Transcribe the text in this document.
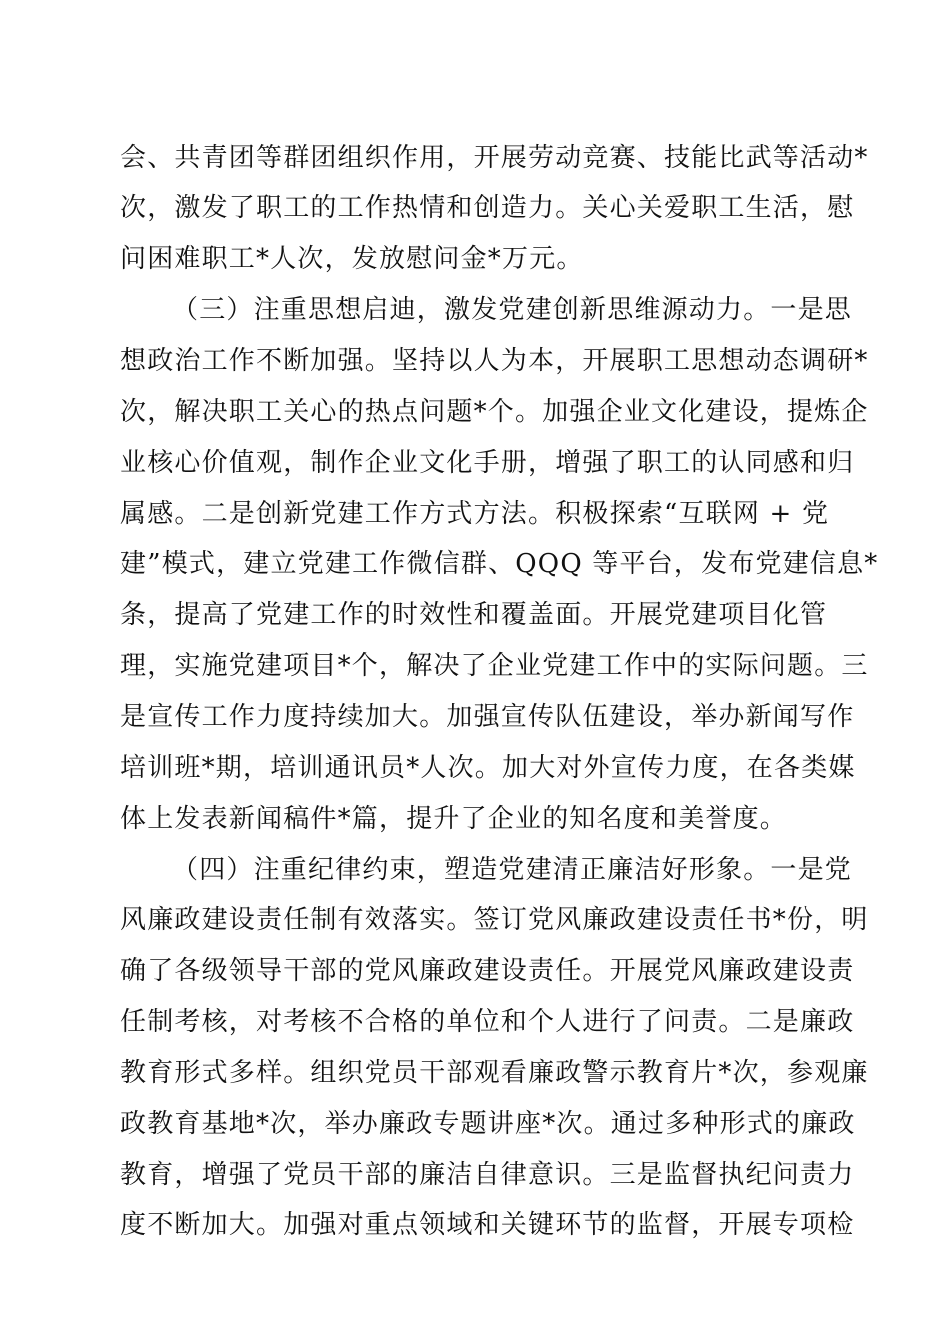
会、共青团等群团组织作用，开展劳动竞赛、技能比武等活动*
次，激发了职工的工作热情和创造力。关心关爱职工生活，慰
问困难职工*人次，发放慰问金*万元。
（三）注重思想启迪，激发党建创新思维源动力。一是思
想政治工作不断加强。坚持以人为本，开展职工思想动态调研*
次，解决职工关心的热点问题*个。加强企业文化建设，提炼企
业核心价值观，制作企业文化手册，增强了职工的认同感和归
属感。二是创新党建工作方式方法。积极探索“互联网 + 党
建”模式，建立党建工作微信群、QQQ 等平台，发布党建信息*
条，提高了党建工作的时效性和覆盖面。开展党建项目化管
理，实施党建项目*个，解决了企业党建工作中的实际问题。三
是宣传工作力度持续加大。加强宣传队伍建设，举办新闻写作
培训班*期，培训通讯员*人次。加大对外宣传力度，在各类媒
体上发表新闻稿件*篇，提升了企业的知名度和美誉度。
（四）注重纪律约束，塑造党建清正廉洁好形象。一是党
风廉政建设责任制有效落实。签订党风廉政建设责任书*份，明
确了各级领导干部的党风廉政建设责任。开展党风廉政建设责
任制考核，对考核不合格的单位和个人进行了问责。二是廉政
教育形式多样。组织党员干部观看廉政警示教育片*次，参观廉
政教育基地*次，举办廉政专题讲座*次。通过多种形式的廉政
教育，增强了党员干部的廉洁自律意识。三是监督执纪问责力
度不断加大。加强对重点领域和关键环节的监督，开展专项检
